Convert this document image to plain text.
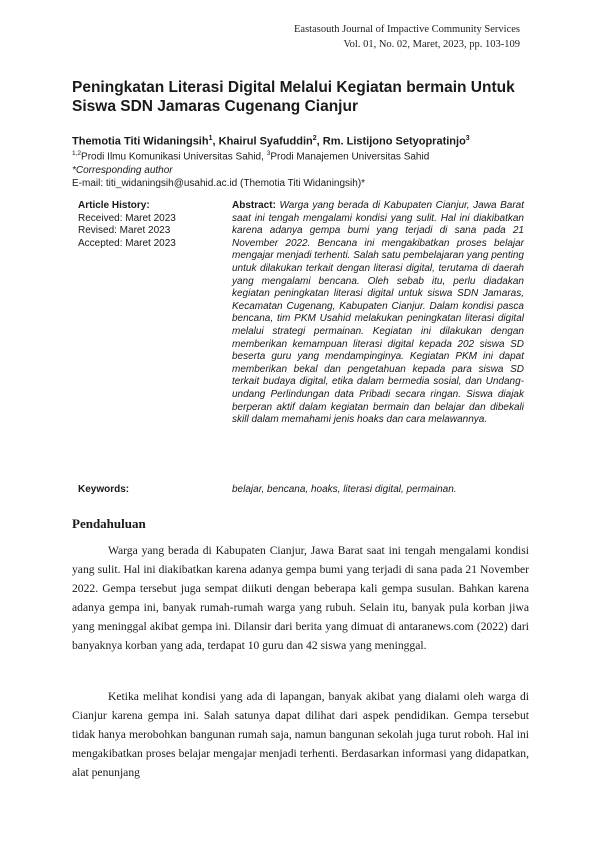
Eastasouth Journal of Impactive Community Services
Vol. 01, No. 02, Maret, 2023, pp. 103-109
Peningkatan Literasi Digital Melalui Kegiatan bermain Untuk Siswa SDN Jamaras Cugenang Cianjur
Themotia Titi Widaningsih$^1$, Khairul Syafuddin$^2$, Rm. Listijono Setyopratinjo$^3$
$^{1,2}$Prodi Ilmu Komunikasi Universitas Sahid, $^3$Prodi Manajemen Universitas Sahid
*Corresponding author
E-mail: titi_widaningsih@usahid.ac.id (Themotia Titi Widaningsih)*
Article History:
Received: Maret 2023
Revised: Maret 2023
Accepted: Maret 2023
Abstract: Warga yang berada di Kabupaten Cianjur, Jawa Barat saat ini tengah mengalami kondisi yang sulit. Hal ini diakibatkan karena adanya gempa bumi yang terjadi di sana pada 21 November 2022. Bencana ini mengakibatkan proses belajar mengajar menjadi terhenti. Salah satu pembelajaran yang penting untuk dilakukan terkait dengan literasi digital, terutama di daerah yang mengalami bencana. Oleh sebab itu, perlu diadakan kegiatan peningkatan literasi digital untuk siswa SDN Jamaras, Kecamatan Cugenang, Kabupaten Cianjur. Dalam kondisi pasca bencana, tim PKM Usahid melakukan peningkatan literasi digital melalui strategi permainan. Kegiatan ini dilakukan dengan memberikan kemampuan literasi digital kepada 202 siswa SD beserta guru yang mendampinginya. Kegiatan PKM ini dapat memberikan bekal dan pengetahuan kepada para siswa SD terkait budaya digital, etika dalam bermedia sosial, dan Undang-undang Perlindungan data Pribadi secara ringan. Siswa diajak berperan aktif dalam kegiatan bermain dan belajar dan dibekali skill dalam memahami jenis hoaks dan cara melawannya.
Keywords:	belajar, bencana, hoaks, literasi digital, permainan.
Pendahuluan

Warga yang berada di Kabupaten Cianjur, Jawa Barat saat ini tengah mengalami kondisi yang sulit. Hal ini diakibatkan karena adanya gempa bumi yang terjadi di sana pada 21 November 2022. Gempa tersebut juga sempat diikuti dengan beberapa kali gempa susulan. Bahkan karena adanya gempa ini, banyak rumah-rumah warga yang rubuh. Selain itu, banyak pula korban jiwa yang meninggal akibat gempa ini. Dilansir dari berita yang dimuat di antaranews.com (2022) dari banyaknya korban yang ada, terdapat 10 guru dan 42 siswa yang meninggal.

Ketika melihat kondisi yang ada di lapangan, banyak akibat yang dialami oleh warga di Cianjur karena gempa ini. Salah satunya dapat dilihat dari aspek pendidikan. Gempa tersebut tidak hanya merobohkan bangunan rumah saja, namun bangunan sekolah juga turut roboh. Hal ini mengakibatkan proses belajar mengajar menjadi terhenti. Berdasarkan informasi yang didapatkan, alat penunjang
